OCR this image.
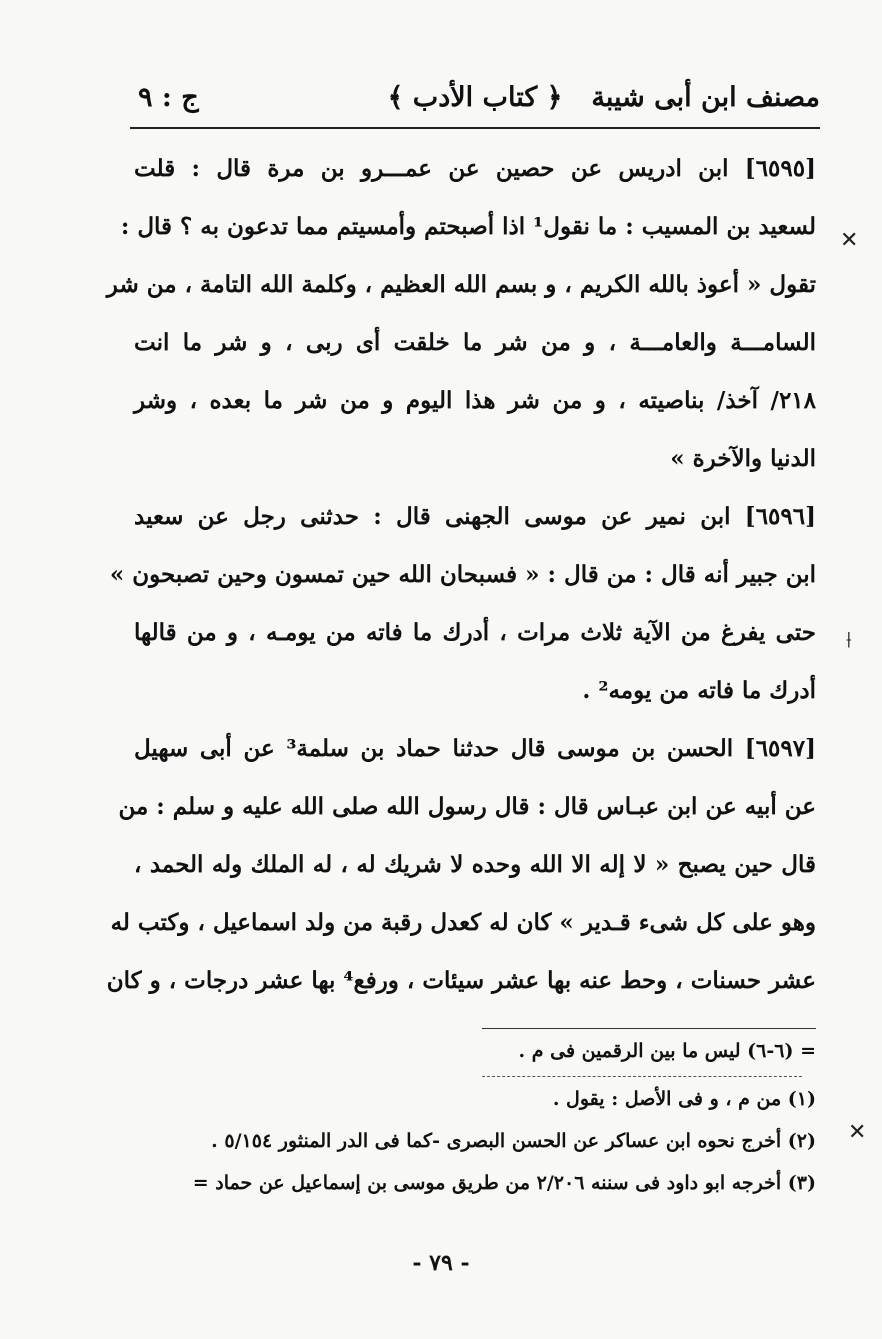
مصنف ابن أبى شيبة
﴿ كتاب الأدب ﴾
ج : ٩
[٦٥٩٥] ابن ادريس عن حصين عن عمـــرو بن مرة قال : قلت
لسعيد بن المسيب : ما نقول¹ اذا أصبحتم وأمسيتم مما تدعون به ؟ قال :
تقول « أعوذ بالله الكريم ، و بسم الله العظيم ، وكلمة الله التامة ، من شر
السامـــة والعامـــة ، و من شر ما خلقت أى ربى ، و شر ما انت
٢١٨/ آخذ/ بناصيته ، و من شر هذا اليوم و من شر ما بعده ، وشر
الدنيا والآخرة »
[٦٥٩٦] ابن نمير عن موسى الجهنى قال : حدثنى رجل عن سعيد
ابن جبير أنه قال : من قال : « فسبحان الله حين تمسون وحين تصبحون »
حتى يفرغ من الآية ثلاث مرات ، أدرك ما فاته من يومـه ، و من قالها
أدرك ما فاته من يومه² .
[٦٥٩٧] الحسن بن موسى قال حدثنا حماد بن سلمة³ عن أبى سهيل
عن أبيه عن ابن عبـاس قال : قال رسول الله صلى الله عليه و سلم : من
قال حين يصبح « لا إله الا الله وحده لا شريك له ، له الملك وله الحمد ،
وهو على كل شىء قـدير » كان له كعدل رقبة من ولد اسماعيل ، وكتب له
عشر حسنات ، وحط عنه بها عشر سيئات ، ورفع⁴ بها عشر درجات ، و كان
= (٦-٦) ليس ما بين الرقمين فى م .
(١) من م ، و فى الأصل : يقول .
(٢) أخرج نحوه ابن عساكر عن الحسن البصرى -كما فى الدر المنثور ٥/١٥٤ .
(٣) أخرجه ابو داود فى سننه ٢/٢٠٦ من طريق موسى بن إسماعيل عن حماد =
- ٧٩ -
✕
⟊
✕
